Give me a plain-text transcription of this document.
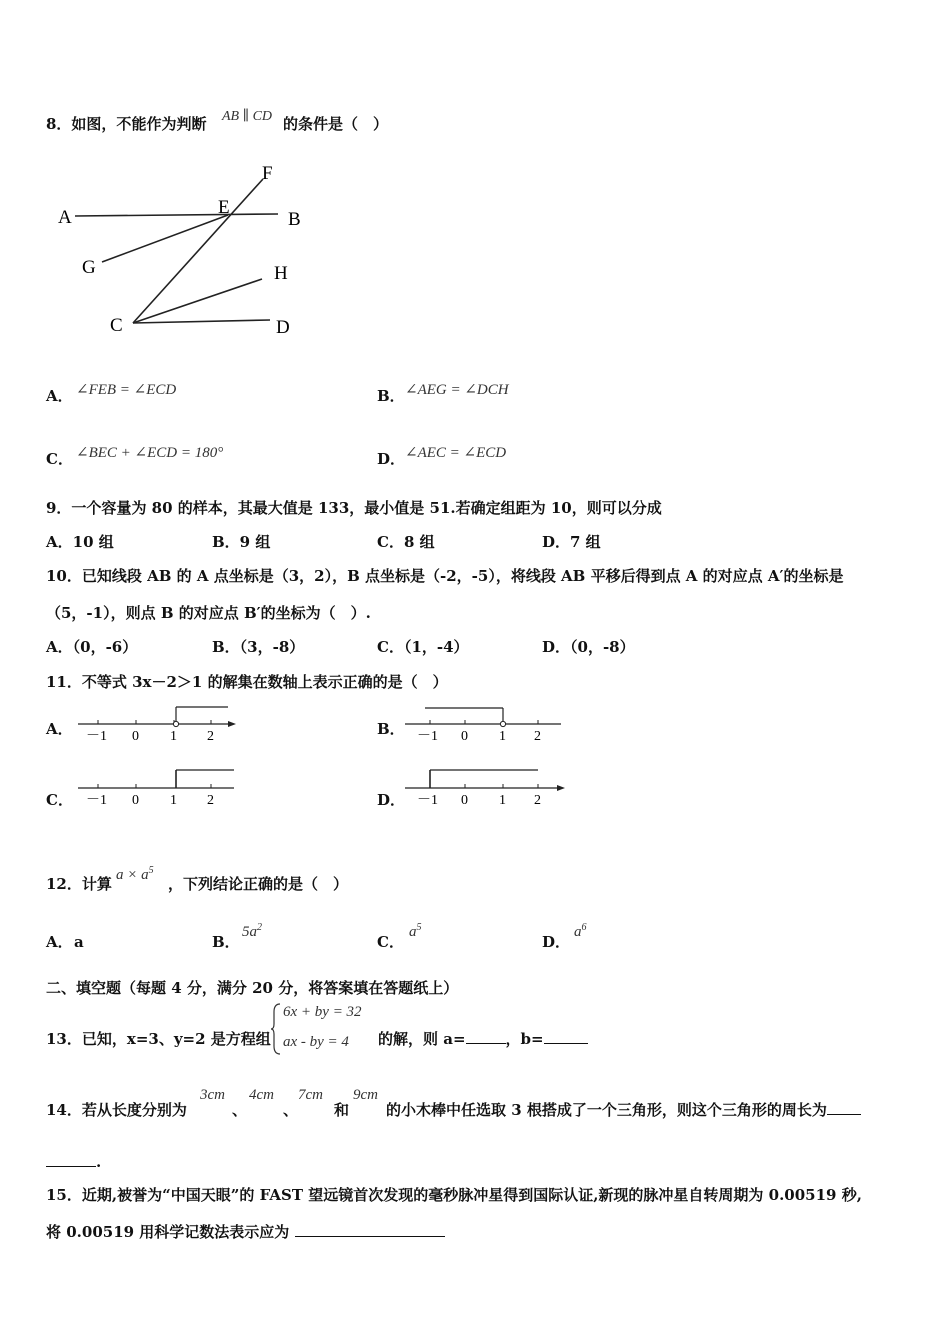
8．如图，不能作为判断 AB ∥ CD 的条件是（　）
A	B
E
F
G	H
C	D
A． ∠FEB = ∠ECD	B． ∠AEG = ∠DCH
C． ∠BEC + ∠ECD = 180°	D． ∠AEC = ∠ECD
9．一个容量为 80 的样本，其最大值是 133，最小值是 51.若确定组距为 10，则可以分成
A．10 组	B．9 组	C．8 组	D．7 组
10．已知线段 AB 的 A 点坐标是（3，2），B 点坐标是（-2，-5），将线段 AB 平移后得到点 A 的对应点 A′的坐标是
（5，-1），则点 B 的对应点 B′的坐标为（　）.
A．（0，-6）	B．（3，-8）	C．（1，-4）	D．（0，-8）
11．不等式 3x－2＞1 的解集在数轴上表示正确的是（　）
A． －1 0 1 2	B． －1 0 1 2
C． －1 0 1 2	D． －1 0 1 2
12．计算 $a \times a^5$
，下列结论正确的是（　）
A． a	B．
$5a^2$
C．
$a^5$
D．
$a^6$
二、填空题（每题 4 分，满分 20 分，将答案填在答题纸上）
13．已知，x=3、y=2 是方程组
6x + by = 32
ax - by = 4 的解，则 a=	，b=
14．若从长度分别为
3cm
、
4cm
、
7cm
和
9cm
的小木棒中任选取 3 根搭成了一个三角形，则这个三角形的周长为
.
15．近期,被誉为“中国天眼”的 FAST 望远镜首次发现的毫秒脉冲星得到国际认证,新现的脉冲星自转周期为 0.00519 秒,
将 0.00519 用科学记数法表示应为
